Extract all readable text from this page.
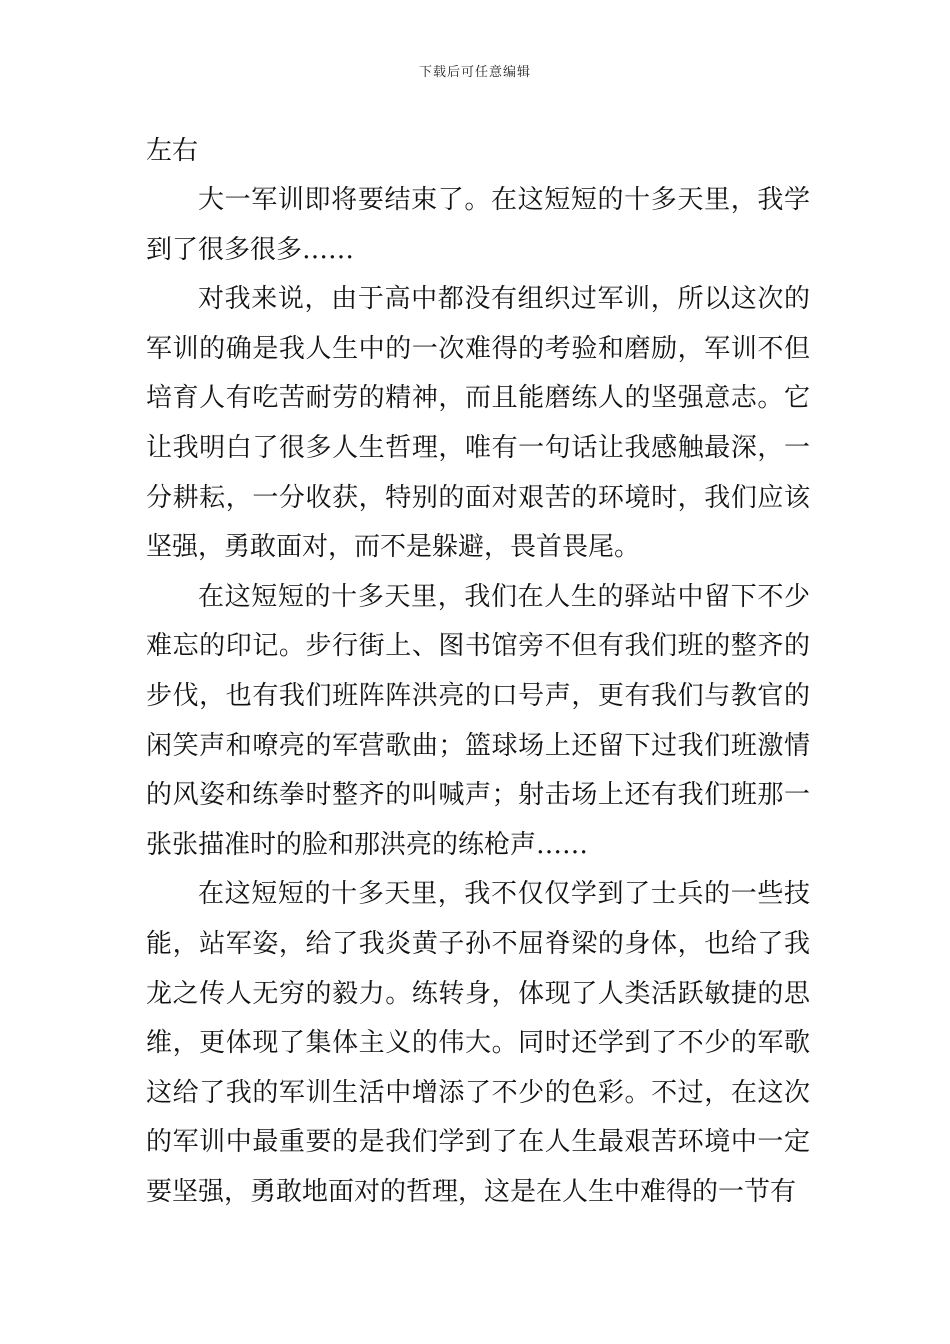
下载后可任意编辑

左右

大一军训即将要结束了。在这短短的十多天里，我学到了很多很多……

对我来说，由于高中都没有组织过军训，所以这次的军训的确是我人生中的一次难得的考验和磨励，军训不但培育人有吃苦耐劳的精神，而且能磨练人的坚强意志。它让我明白了很多人生哲理，唯有一句话让我感触最深，一分耕耘，一分收获，特别的面对艰苦的环境时，我们应该坚强，勇敢面对，而不是躲避，畏首畏尾。

在这短短的十多天里，我们在人生的驿站中留下不少难忘的印记。步行街上、图书馆旁不但有我们班的整齐的步伐，也有我们班阵阵洪亮的口号声，更有我们与教官的闲笑声和嘹亮的军营歌曲；篮球场上还留下过我们班激情的风姿和练拳时整齐的叫喊声；射击场上还有我们班那一张张描准时的脸和那洪亮的练枪声……

在这短短的十多天里，我不仅仅学到了士兵的一些技能，站军姿，给了我炎黄子孙不屈脊梁的身体，也给了我龙之传人无穷的毅力。练转身，体现了人类活跃敏捷的思维，更体现了集体主义的伟大。同时还学到了不少的军歌这给了我的军训生活中增添了不少的色彩。不过，在这次的军训中最重要的是我们学到了在人生最艰苦环境中一定要坚强，勇敢地面对的哲理，这是在人生中难得的一节有
